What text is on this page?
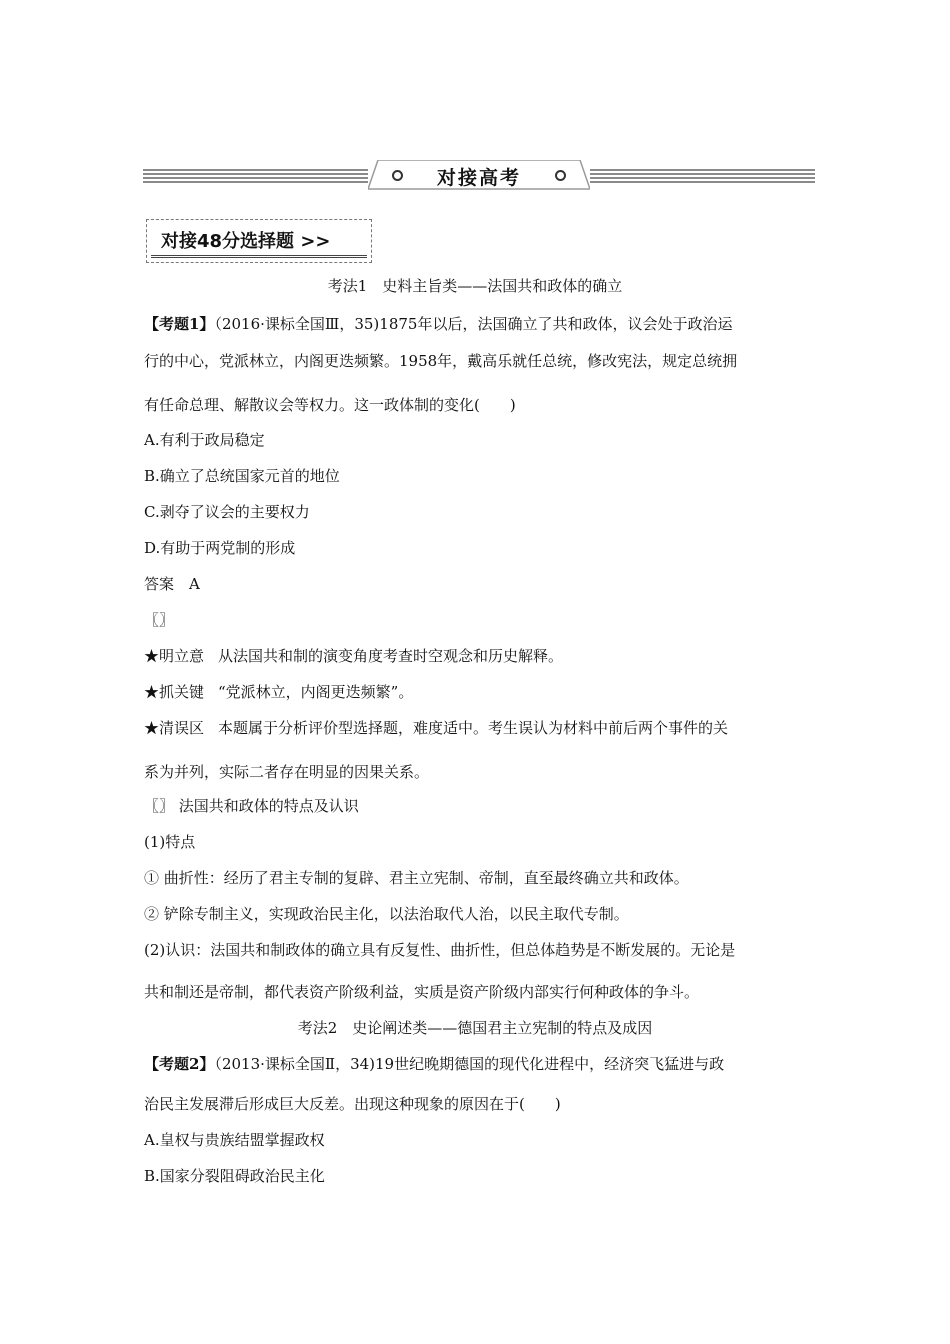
对接高考
对接48分选择题 >>
考法1　史料主旨类——法国共和政体的确立
【考题1】（2016·课标全国Ⅲ，35)1875年以后，法国确立了共和政体，议会处于政治运
行的中心，党派林立，内阁更迭频繁。1958年，戴高乐就任总统，修改宪法，规定总统拥
有任命总理、解散议会等权力。这一政体制的变化(　　)
A.有利于政局稳定
B.确立了总统国家元首的地位
C.剥夺了议会的主要权力
D.有助于两党制的形成
答案　A
〖〗
★明立意 从法国共和制的演变角度考查时空观念和历史解释。
★抓关键 “党派林立，内阁更迭频繁”。
★清误区 本题属于分析评价型选择题，难度适中。考生误认为材料中前后两个事件的关
系为并列，实际二者存在明显的因果关系。
〖〗 法国共和政体的特点及认识
(1)特点
① 曲折性：经历了君主专制的复辟、君主立宪制、帝制，直至最终确立共和政体。
② 铲除专制主义，实现政治民主化，以法治取代人治，以民主取代专制。
(2)认识：法国共和制政体的确立具有反复性、曲折性，但总体趋势是不断发展的。无论是
共和制还是帝制，都代表资产阶级利益，实质是资产阶级内部实行何种政体的争斗。
考法2　史论阐述类——德国君主立宪制的特点及成因
【考题2】（2013·课标全国Ⅱ，34)19世纪晚期德国的现代化进程中，经济突飞猛进与政
治民主发展滞后形成巨大反差。出现这种现象的原因在于(　　)
A.皇权与贵族结盟掌握政权
B.国家分裂阻碍政治民主化
